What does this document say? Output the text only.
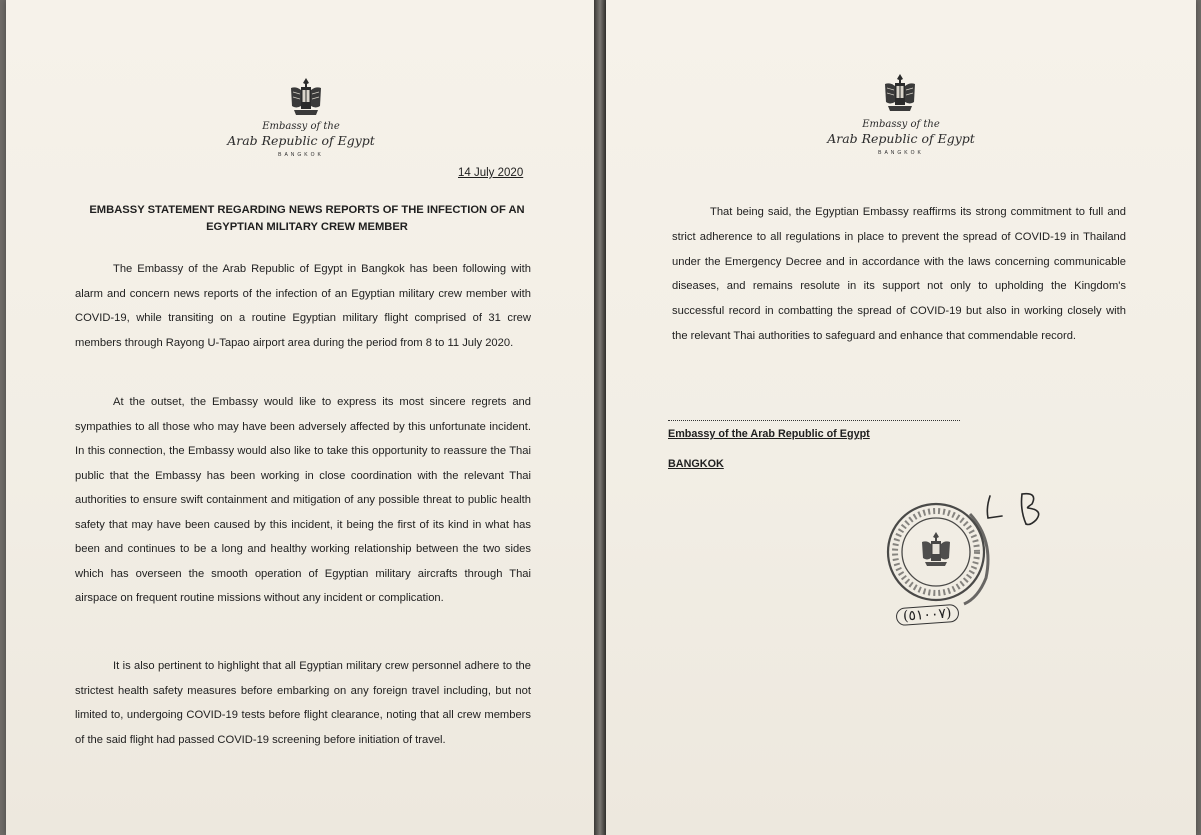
Embassy of the
Arab Republic of Egypt
BANGKOK
14 July 2020
EMBASSY STATEMENT REGARDING NEWS REPORTS OF THE INFECTION OF AN
EGYPTIAN MILITARY CREW MEMBER

The Embassy of the Arab Republic of Egypt in Bangkok has been following with alarm and concern news reports of the infection of an Egyptian military crew member with COVID-19, while transiting on a routine Egyptian military flight comprised of 31 crew members through Rayong U-Tapao airport area during the period from 8 to 11 July 2020.

At the outset, the Embassy would like to express its most sincere regrets and sympathies to all those who may have been adversely affected by this unfortunate incident. In this connection, the Embassy would also like to take this opportunity to reassure the Thai public that the Embassy has been working in close coordination with the relevant Thai authorities to ensure swift containment and mitigation of any possible threat to public health safety that may have been caused by this incident, it being the first of its kind in what has been and continues to be a long and healthy working relationship between the two sides which has overseen the smooth operation of Egyptian military aircrafts through Thai airspace on frequent routine missions without any incident or complication.

It is also pertinent to highlight that all Egyptian military crew personnel adhere to the strictest health safety measures before embarking on any foreign travel including, but not limited to, undergoing COVID-19 tests before flight clearance, noting that all crew members of the said flight had passed COVID-19 screening before initiation of travel.

Embassy of the
Arab Republic of Egypt
BANGKOK

That being said, the Egyptian Embassy reaffirms its strong commitment to full and strict adherence to all regulations in place to prevent the spread of COVID-19 in Thailand under the Emergency Decree and in accordance with the laws concerning communicable diseases, and remains resolute in its support not only to upholding the Kingdom's successful record in combatting the spread of COVID-19 but also in working closely with the relevant Thai authorities to safeguard and enhance that commendable record.

Embassy of the Arab Republic of Egypt
BANGKOK
(٥١٠٠٧)
